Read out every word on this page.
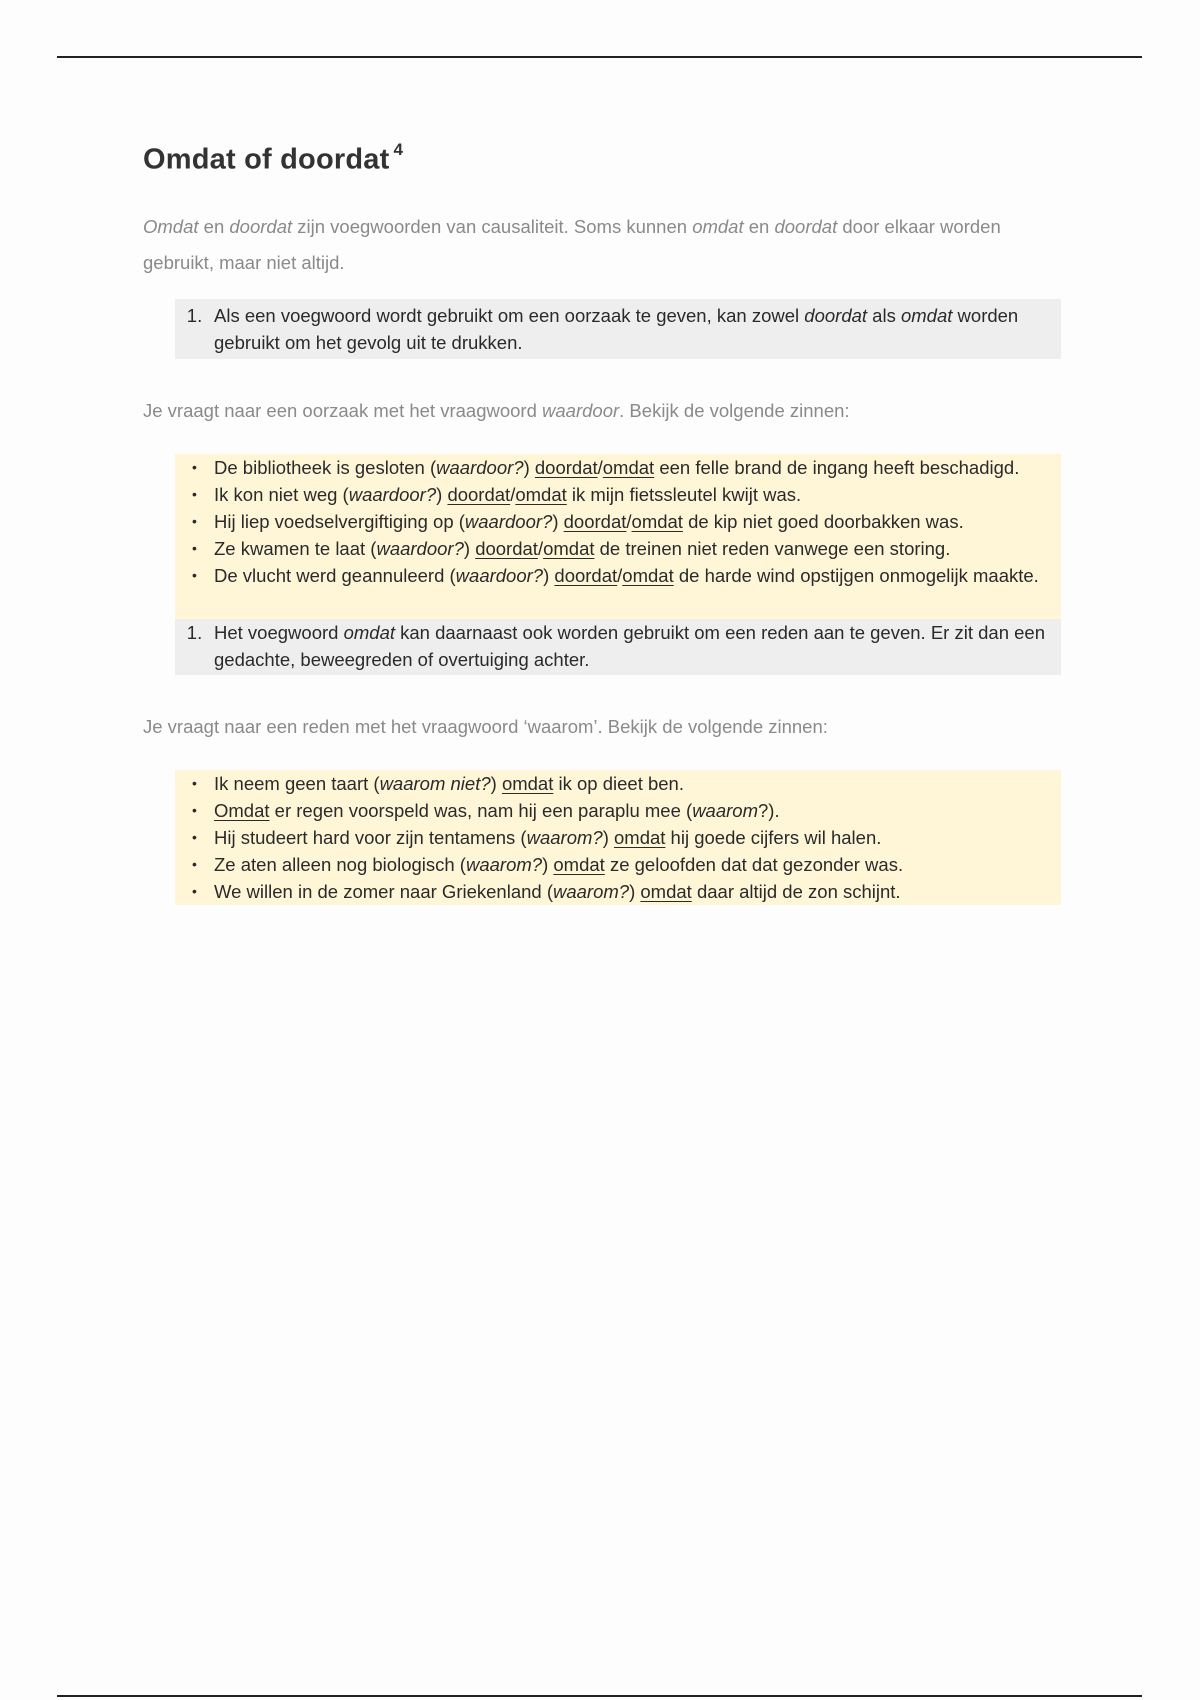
Omdat of doordat $^4$

Omdat en doordat zijn voegwoorden van causaliteit. Soms kunnen omdat en doordat door elkaar worden gebruikt, maar niet altijd.

1. Als een voegwoord wordt gebruikt om een oorzaak te geven, kan zowel doordat als omdat worden gebruikt om het gevolg uit te drukken.

Je vraagt naar een oorzaak met het vraagwoord waardoor. Bekijk de volgende zinnen:

• De bibliotheek is gesloten (waardoor?) doordat/omdat een felle brand de ingang heeft beschadigd.
• Ik kon niet weg (waardoor?) doordat/omdat ik mijn fietssleutel kwijt was.
• Hij liep voedselvergiftiging op (waardoor?) doordat/omdat de kip niet goed doorbakken was.
• Ze kwamen te laat (waardoor?) doordat/omdat de treinen niet reden vanwege een storing.
• De vlucht werd geannuleerd (waardoor?) doordat/omdat de harde wind opstijgen onmogelijk maakte.
1. Het voegwoord omdat kan daarnaast ook worden gebruikt om een reden aan te geven. Er zit dan een gedachte, beweegreden of overtuiging achter.

Je vraagt naar een reden met het vraagwoord ‘waarom’. Bekijk de volgende zinnen:

• Ik neem geen taart (waarom niet?) omdat ik op dieet ben.
• Omdat er regen voorspeld was, nam hij een paraplu mee (waarom?).
• Hij studeert hard voor zijn tentamens (waarom?) omdat hij goede cijfers wil halen.
• Ze aten alleen nog biologisch (waarom?) omdat ze geloofden dat dat gezonder was.
• We willen in de zomer naar Griekenland (waarom?) omdat daar altijd de zon schijnt.
